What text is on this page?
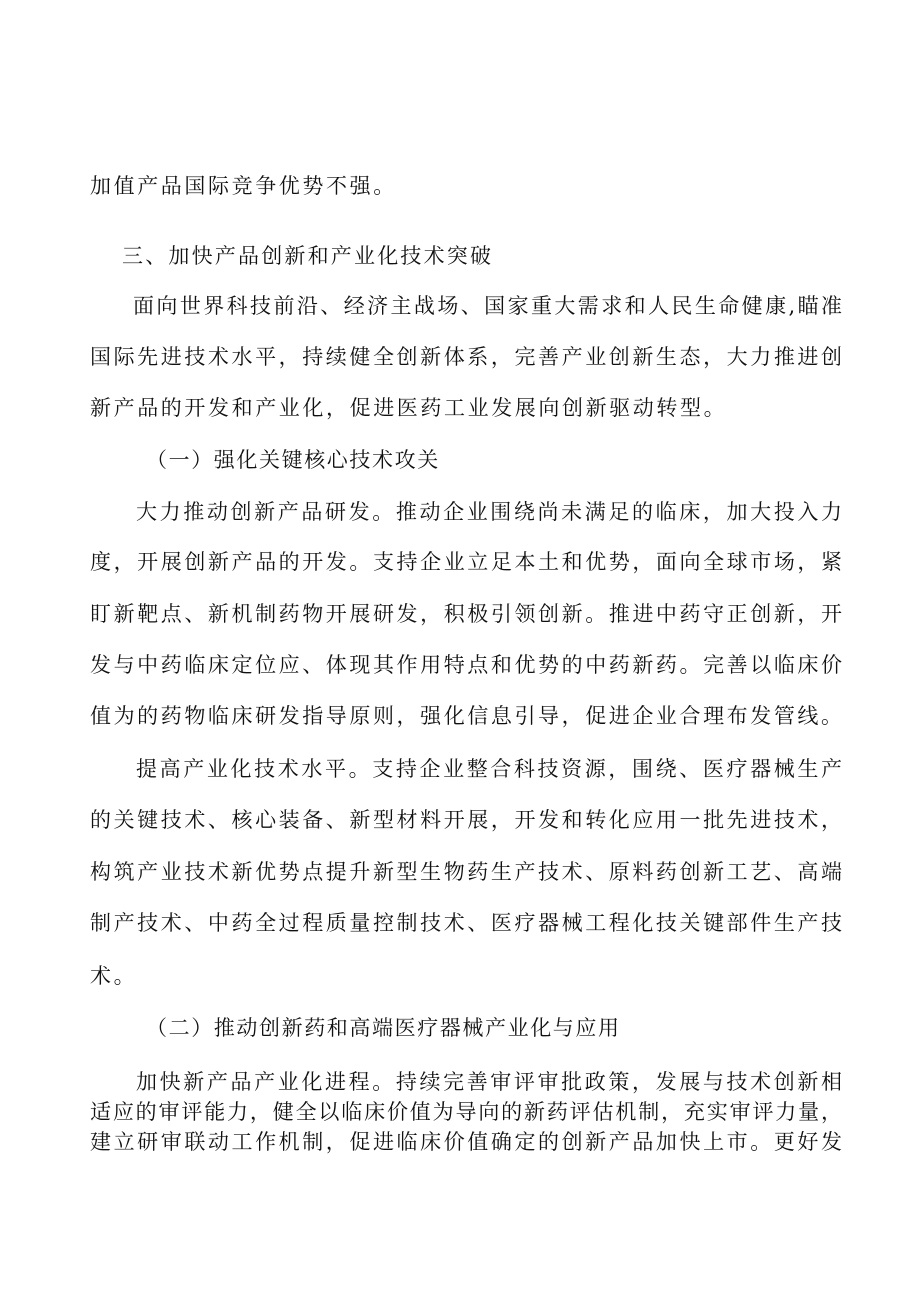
加值产品国际竞争优势不强。
三、加快产品创新和产业化技术突破
面向世界科技前沿、经济主战场、国家重大需求和人民生命健康,瞄准
国际先进技术水平，持续健全创新体系，完善产业创新生态，大力推进创
新产品的开发和产业化，促进医药工业发展向创新驱动转型。
（一）强化关键核心技术攻关
大力推动创新产品研发。推动企业围绕尚未满足的临床，加大投入力
度，开展创新产品的开发。支持企业立足本土和优势，面向全球市场，紧
盯新靶点、新机制药物开展研发，积极引领创新。推进中药守正创新，开
发与中药临床定位应、体现其作用特点和优势的中药新药。完善以临床价
值为的药物临床研发指导原则，强化信息引导，促进企业合理布发管线。
提高产业化技术水平。支持企业整合科技资源，围绕、医疗器械生产
的关键技术、核心装备、新型材料开展，开发和转化应用一批先进技术，
构筑产业技术新优势点提升新型生物药生产技术、原料药创新工艺、高端
制产技术、中药全过程质量控制技术、医疗器械工程化技关键部件生产技
术。
（二）推动创新药和高端医疗器械产业化与应用
加快新产品产业化进程。持续完善审评审批政策，发展与技术创新相
适应的审评能力，健全以临床价值为导向的新药评估机制，充实审评力量，
建立研审联动工作机制，促进临床价值确定的创新产品加快上市。更好发
